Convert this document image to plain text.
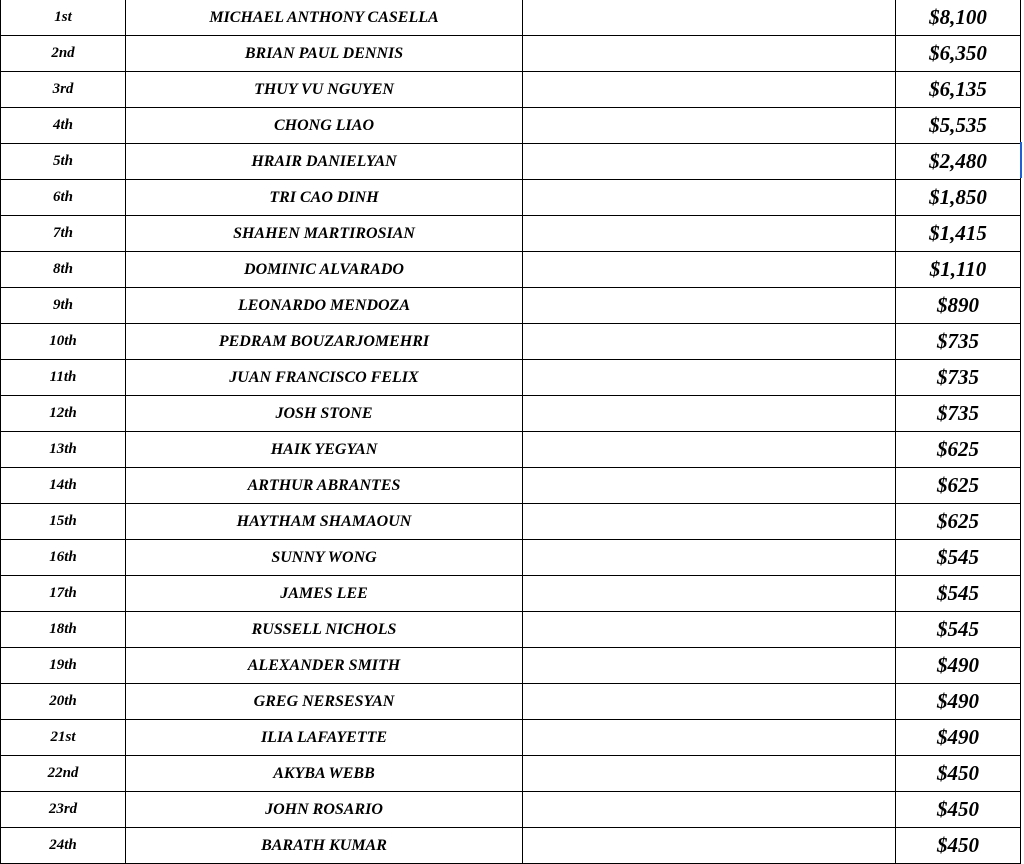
1st	MICHAEL ANTHONY CASELLA		$8,100
2nd	BRIAN PAUL DENNIS		$6,350
3rd	THUY VU NGUYEN		$6,135
4th	CHONG LIAO		$5,535
5th	HRAIR DANIELYAN		$2,480
6th	TRI CAO DINH		$1,850
7th	SHAHEN MARTIROSIAN		$1,415
8th	DOMINIC ALVARADO		$1,110
9th	LEONARDO MENDOZA		$890
10th	PEDRAM BOUZARJOMEHRI		$735
11th	JUAN FRANCISCO FELIX		$735
12th	JOSH STONE		$735
13th	HAIK YEGYAN		$625
14th	ARTHUR ABRANTES		$625
15th	HAYTHAM SHAMAOUN		$625
16th	SUNNY WONG		$545
17th	JAMES LEE		$545
18th	RUSSELL NICHOLS		$545
19th	ALEXANDER SMITH		$490
20th	GREG NERSESYAN		$490
21st	ILIA LAFAYETTE		$490
22nd	AKYBA WEBB		$450
23rd	JOHN ROSARIO		$450
24th	BARATH KUMAR		$450
